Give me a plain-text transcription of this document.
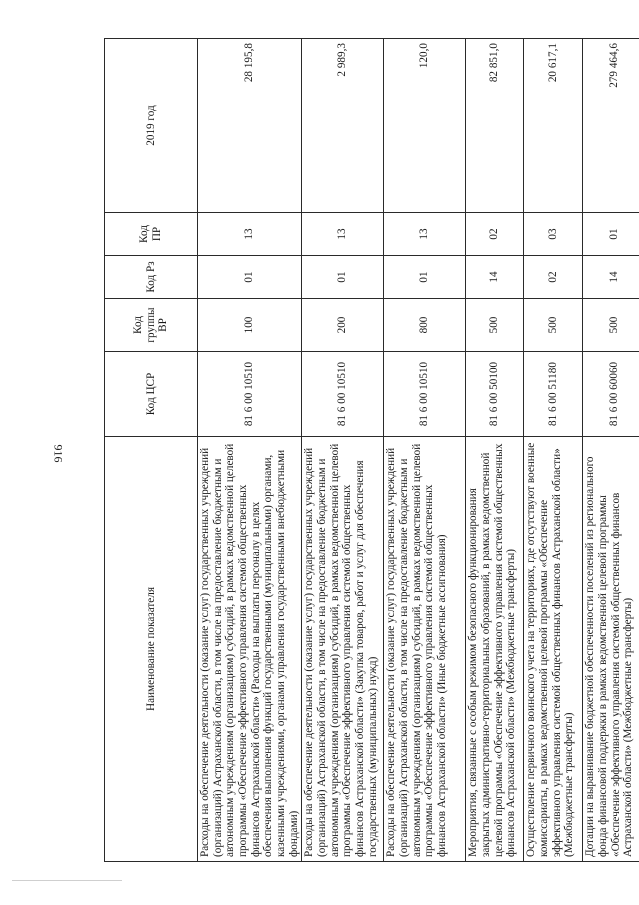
916
Наименование показателя	Код ЦСР	Код группы ВР	Код Рз	Код ПР	2019 год
Расходы на обеспечение деятельности (оказание услуг) государственных учреждений (организаций) Астраханской области, в том числе на предоставление бюджетным и автономным учреждениям (организациям) субсидий, в рамках ведомственной целевой программы «Обеспечение эффективного управления системой общественных финансов Астраханской области» (Расходы на выплаты персоналу в целях обеспечения выполнения функций государственными (муниципальными) органами, казенными учреждениями, органами управления государственными внебюджетными фондами)	81 6 00 10510	100	01	13	28 195,8
Расходы на обеспечение деятельности (оказание услуг) государственных учреждений (организаций) Астраханской области, в том числе на предоставление бюджетным и автономным учреждениям (организациям) субсидий, в рамках ведомственной целевой программы «Обеспечение эффективного управления системой общественных финансов Астраханской области» (Закупка товаров, работ и услуг для обеспечения государственных (муниципальных) нужд)	81 6 00 10510	200	01	13	2 989,3
Расходы на обеспечение деятельности (оказание услуг) государственных учреждений (организаций) Астраханской области, в том числе на предоставление бюджетным и автономным учреждениям (организациям) субсидий, в рамках ведомственной целевой программы «Обеспечение эффективного управления системой общественных финансов Астраханской области» (Иные бюджетные ассигнования)	81 6 00 10510	800	01	13	120,0
Мероприятия, связанные с особым режимом безопасного функционирования закрытых административно-территориальных образований, в рамках ведомственной целевой программы «Обеспечение эффективного управления системой общественных финансов Астраханской области» (Межбюджетные трансферты)	81 6 00 50100	500	14	02	82 851,0
Осуществление первичного воинского учета на территориях, где отсутствуют военные комиссариаты, в рамках ведомственной целевой программы «Обеспечение эффективного управления системой общественных финансов Астраханской области» (Межбюджетные трансферты)	81 6 00 51180	500	02	03	20 617,1
Дотации на выравнивание бюджетной обеспеченности поселений из регионального фонда финансовой поддержки в рамках ведомственной целевой программы «Обеспечение эффективного управления системой общественных финансов Астраханской области» (Межбюджетные трансферты)	81 6 00 60060	500	14	01	279 464,6
